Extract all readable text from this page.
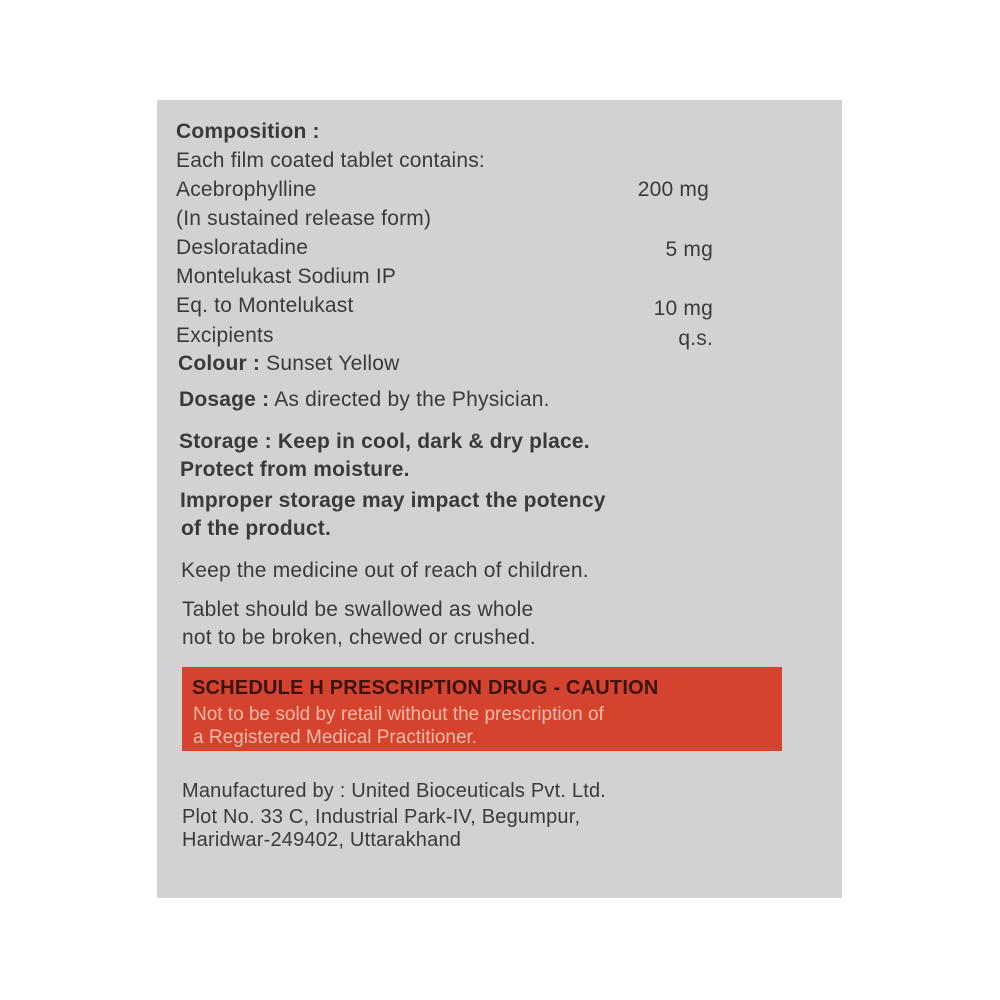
Composition :
Each film coated tablet contains:
Acebrophylline	200 mg
(In sustained release form)
Desloratadine	5 mg
Montelukast Sodium IP
Eq. to Montelukast	10 mg
Excipients	q.s.
Colour : Sunset Yellow
Dosage : As directed by the Physician.
Storage : Keep in cool, dark & dry place.
Protect from moisture.
Improper storage may impact the potency
of the product.
Keep the medicine out of reach of children.
Tablet should be swallowed as whole
not to be broken, chewed or crushed.
SCHEDULE H PRESCRIPTION DRUG - CAUTION
Not to be sold by retail without the prescription of
a Registered Medical Practitioner.
Manufactured by : United Bioceuticals Pvt. Ltd.
Plot No. 33 C, Industrial Park-IV, Begumpur,
Haridwar-249402, Uttarakhand
